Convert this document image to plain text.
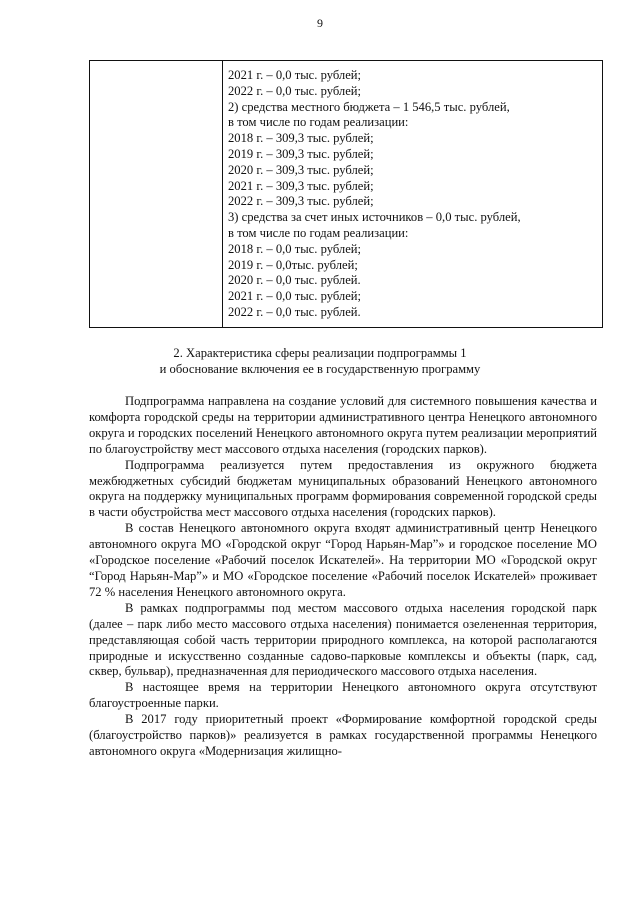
9
2021 г. – 0,0 тыс. рублей;
2022 г. – 0,0 тыс. рублей;
2) средства местного бюджета – 1 546,5 тыс. рублей,
в том числе по годам реализации:
2018 г. – 309,3 тыс. рублей;
2019 г. – 309,3 тыс. рублей;
2020 г. – 309,3 тыс. рублей;
2021 г. – 309,3 тыс. рублей;
2022 г. – 309,3 тыс. рублей;
3) средства за счет иных источников – 0,0 тыс. рублей,
в том числе по годам реализации:
2018 г. – 0,0 тыс. рублей;
2019 г. – 0,0тыс. рублей;
2020 г. – 0,0 тыс. рублей.
2021 г. – 0,0 тыс. рублей;
2022 г. – 0,0 тыс. рублей.
2. Характеристика сферы реализации подпрограммы 1
и обоснование включения ее в государственную программу

Подпрограмма направлена на создание условий для системного повышения качества и комфорта городской среды на территории административного центра Ненецкого автономного округа и городских поселений Ненецкого автономного округа путем реализации мероприятий по благоустройству мест массового отдыха населения (городских парков).

Подпрограмма реализуется путем предоставления из окружного бюджета межбюджетных субсидий бюджетам муниципальных образований Ненецкого автономного округа на поддержку муниципальных программ формирования современной городской среды в части обустройства мест массового отдыха населения (городских парков).

В состав Ненецкого автономного округа входят административный центр Ненецкого автономного округа МО «Городской округ “Город Нарьян-Мар”» и городское поселение МО «Городское поселение «Рабочий поселок Искателей». На территории МО «Городской округ “Город Нарьян-Мар”» и МО «Городское поселение «Рабочий поселок Искателей» проживает 72 % населения Ненецкого автономного округа.

В рамках подпрограммы под местом массового отдыха населения городской парк (далее – парк либо место массового отдыха населения) понимается озелененная территория, представляющая собой часть территории природного комплекса, на которой располагаются природные и искусственно созданные садово-парковые комплексы и объекты (парк, сад, сквер, бульвар), предназначенная для периодического массового отдыха населения.

В настоящее время на территории Ненецкого автономного округа отсутствуют благоустроенные парки.

В 2017 году приоритетный проект «Формирование комфортной городской среды (благоустройство парков)» реализуется в рамках государственной программы Ненецкого автономного округа «Модернизация жилищно-
